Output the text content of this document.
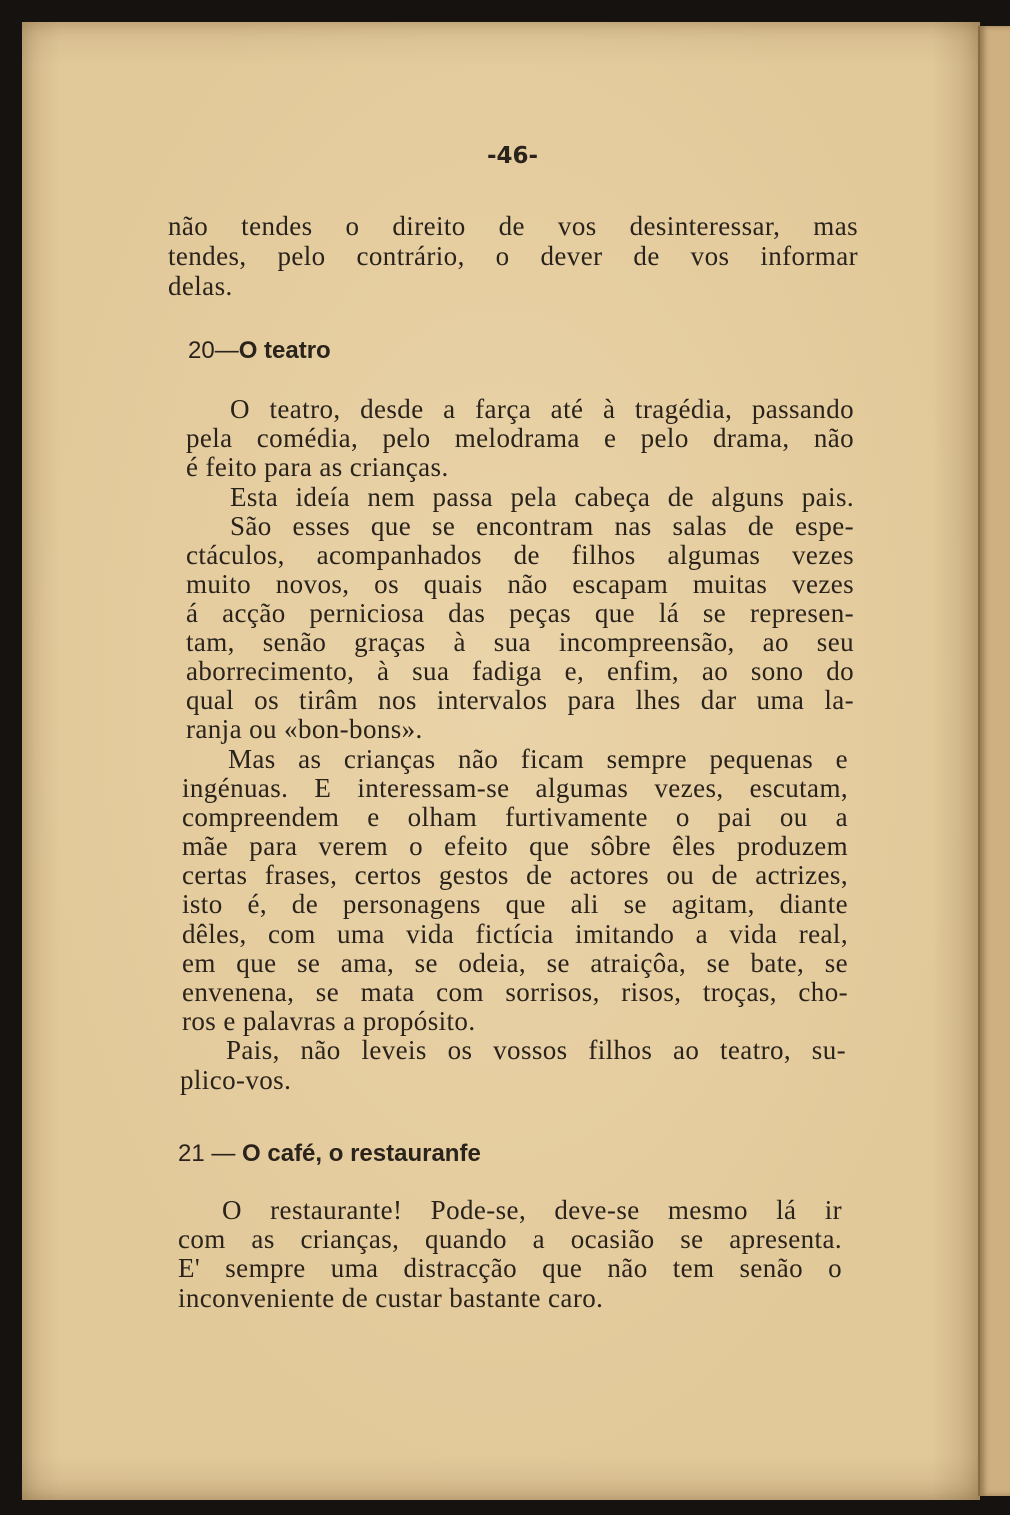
-46-
não tendes o direito de vos desinteressar, mas
tendes, pelo contrário, o dever de vos informar
delas.
20—O teatro
O teatro, desde a farça até à tragédia, passando
pela comédia, pelo melodrama e pelo drama, não
é feito para as crianças.
Esta ideía nem passa pela cabeça de alguns pais.
São esses que se encontram nas salas de espe-
ctáculos, acompanhados de filhos algumas vezes
muito novos, os quais não escapam muitas vezes
á acção perniciosa das peças que lá se represen-
tam, senão graças à sua incompreensão, ao seu
aborrecimento, à sua fadiga e, enfim, ao sono do
qual os tirâm nos intervalos para lhes dar uma la-
ranja ou «bon-bons».
Mas as crianças não ficam sempre pequenas e
ingénuas. E interessam-se algumas vezes, escutam,
compreendem e olham furtivamente o pai ou a
mãe para verem o efeito que sôbre êles produzem
certas frases, certos gestos de actores ou de actrizes,
isto é, de personagens que ali se agitam, diante
dêles, com uma vida fictícia imitando a vida real,
em que se ama, se odeia, se atraiçôa, se bate, se
envenena, se mata com sorrisos, risos, troças, cho-
ros e palavras a propósito.
Pais, não leveis os vossos filhos ao teatro, su-
plico-vos.
21 — O café, o restauranfe
O restaurante! Pode-se, deve-se mesmo lá ir
com as crianças, quando a ocasião se apresenta.
E' sempre uma distracção que não tem senão o
inconveniente de custar bastante caro.
